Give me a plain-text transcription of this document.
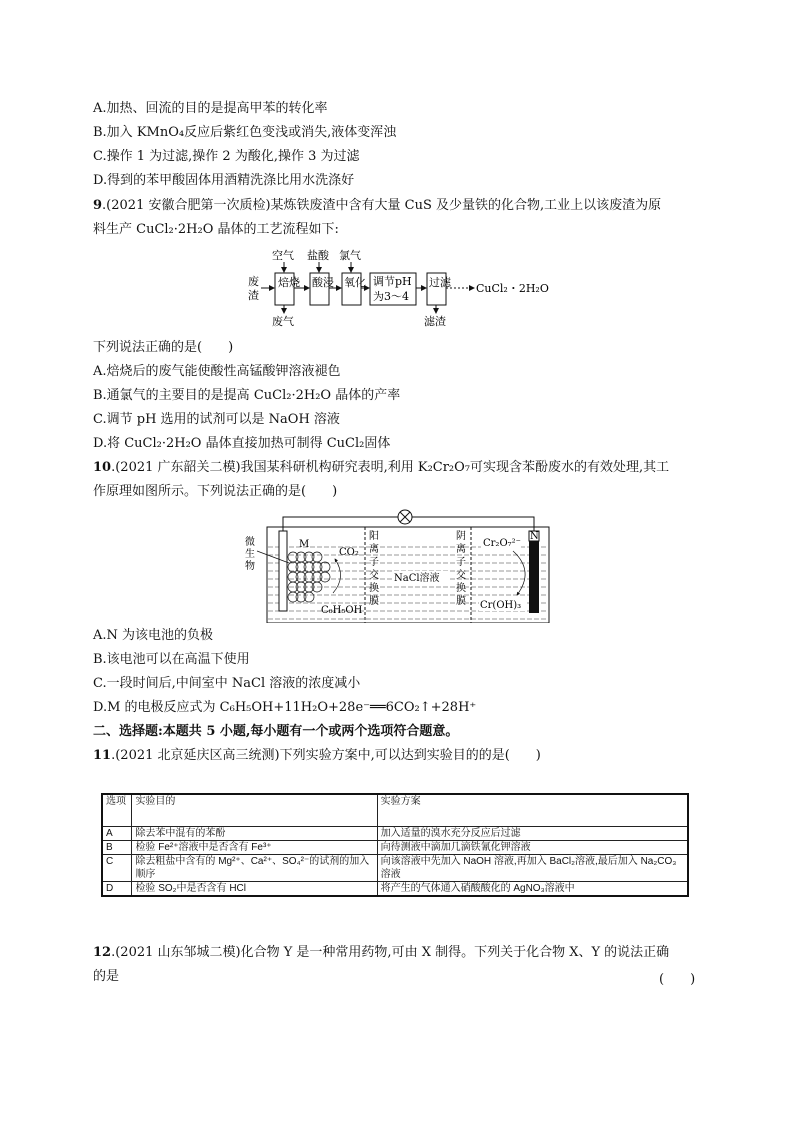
A.加热、回流的目的是提高甲苯的转化率
B.加入 KMnO₄反应后紫红色变浅或消失,液体变浑浊
C.操作 1 为过滤,操作 2 为酸化,操作 3 为过滤
D.得到的苯甲酸固体用酒精洗涤比用水洗涤好
9.(2021 安徽合肥第一次质检)某炼铁废渣中含有大量 CuS 及少量铁的化合物,工业上以该废渣为原
料生产 CuCl₂·2H₂O 晶体的工艺流程如下:
空气 盐酸 氯气
废
渣
焙烧 酸浸 氧化 调节pH
为3～4
过滤 CuCl₂・2H₂O
废气	滤渣
下列说法正确的是(　　)
A.焙烧后的废气能使酸性高锰酸钾溶液褪色
B.通氯气的主要目的是提高 CuCl₂·2H₂O 晶体的产率
C.调节 pH 选用的试剂可以是 NaOH 溶液
D.将 CuCl₂·2H₂O 晶体直接加热可制得 CuCl₂固体
10.(2021 广东韶关二模)我国某科研机构研究表明,利用 K₂Cr₂O₇可实现含苯酚废水的有效处理,其工
作原理如图所示。下列说法正确的是(　　)
微
生
物
M
CO₂
C₆H₅OH
阳
离
子
交
换
膜
阴
离
子
交
换
膜
NaCl溶液
N
Cr₂O₇²⁻
Cr(OH)₃
A.N 为该电池的负极
B.该电池可以在高温下使用
C.一段时间后,中间室中 NaCl 溶液的浓度减小
D.M 的电极反应式为 C₆H₅OH+11H₂O+28e⁻══6CO₂↑+28H⁺
二、选择题:本题共 5 小题,每小题有一个或两个选项符合题意。
11.(2021 北京延庆区高三统测)下列实验方案中,可以达到实验目的的是(　　)
选项	实验目的	实验方案
A	除去苯中混有的苯酚	加入适量的溴水充分反应后过滤
B	检验 Fe²⁺溶液中是否含有 Fe³⁺	向待测液中滴加几滴铁氰化钾溶液
C	除去粗盐中含有的 Mg²⁺、Ca²⁺、SO₄²⁻的试剂的加入顺序	向该溶液中先加入 NaOH 溶液,再加入 BaCl₂溶液,最后加入 Na₂CO₃溶液
D	检验 SO₂中是否含有 HCl	将产生的气体通入硝酸酸化的 AgNO₃溶液中
12.(2021 山东邹城二模)化合物 Y 是一种常用药物,可由 X 制得。下列关于化合物 X、Y 的说法正确
的是	(　　)
